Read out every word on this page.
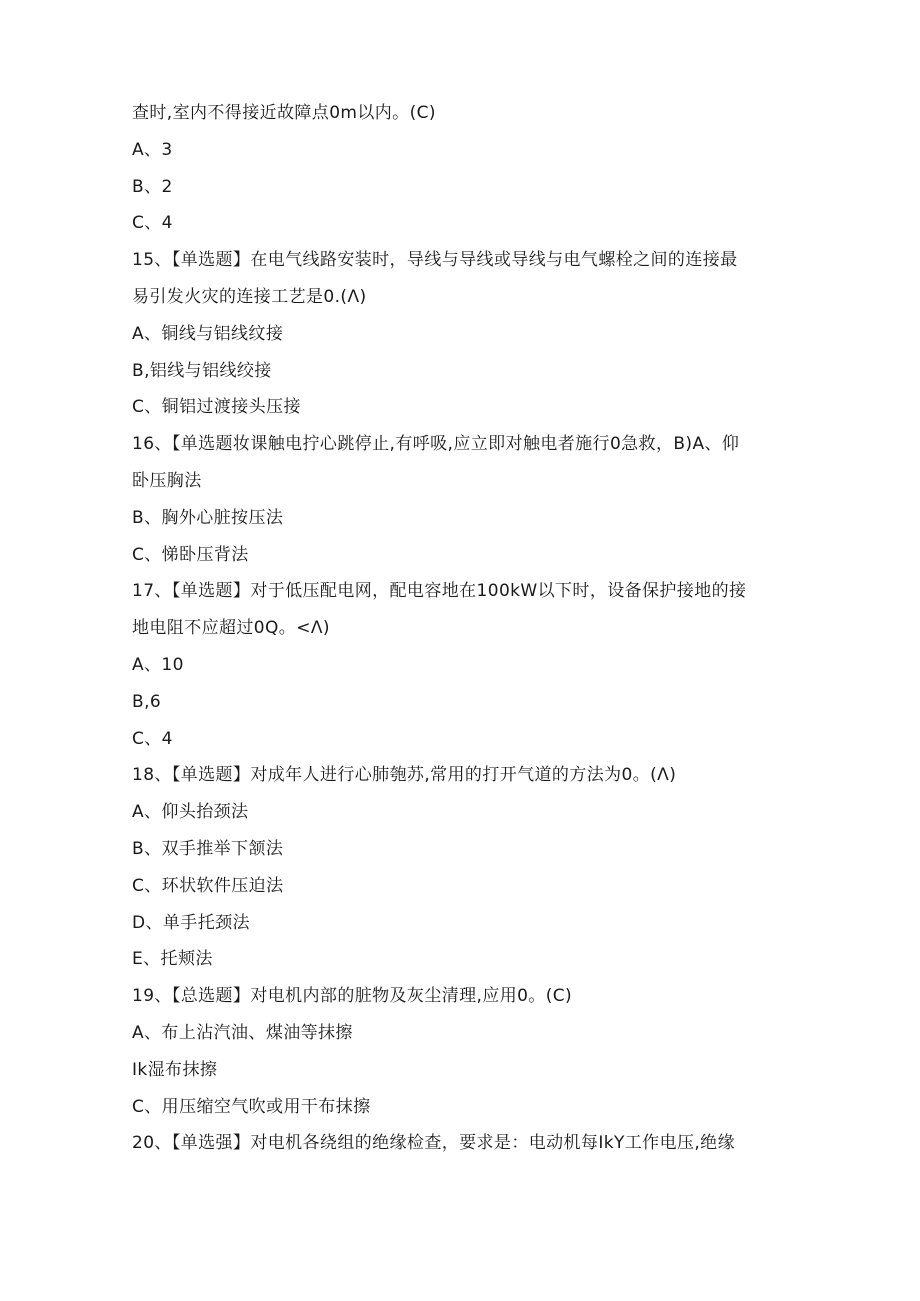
查时,室内不得接近故障点0m以内。(C)
A、3
B、2
C、4
15、【单选题】在电气线路安装时，导线与导线或导线与电气螺栓之间的连接最
易引发火灾的连接工艺是0.(Λ)
A、铜线与铝线纹接
B,铝线与铝线绞接
C、铜铝过渡接头压接
16、【单选题妆课触电拧心跳停止,有呼吸,应立即对触电者施行0急救，B)A、仰
卧压胸法
B、胸外心脏按压法
C、悌卧压背法
17、【单选题】对于低压配电网，配电容地在100kW以下时，设备保护接地的接
地电阻不应超过0Q。<Λ)
A、10
B,6
C、4
18、【单选题】对成年人进行心肺匏苏,常用的打开气道的方法为0。(Λ)
A、仰头抬颈法
B、双手推举下颔法
C、环状软件压迫法
D、单手托颈法
E、托颊法
19、【总选题】对电机内部的脏物及灰尘清理,应用0。(C)
A、布上沾汽油、煤油等抹擦
Ik湿布抹擦
C、用压缩空气吹或用干布抹擦
20、【单选强】对电机各绕组的绝缘检查，要求是：电动机每IkY工作电压,绝缘
